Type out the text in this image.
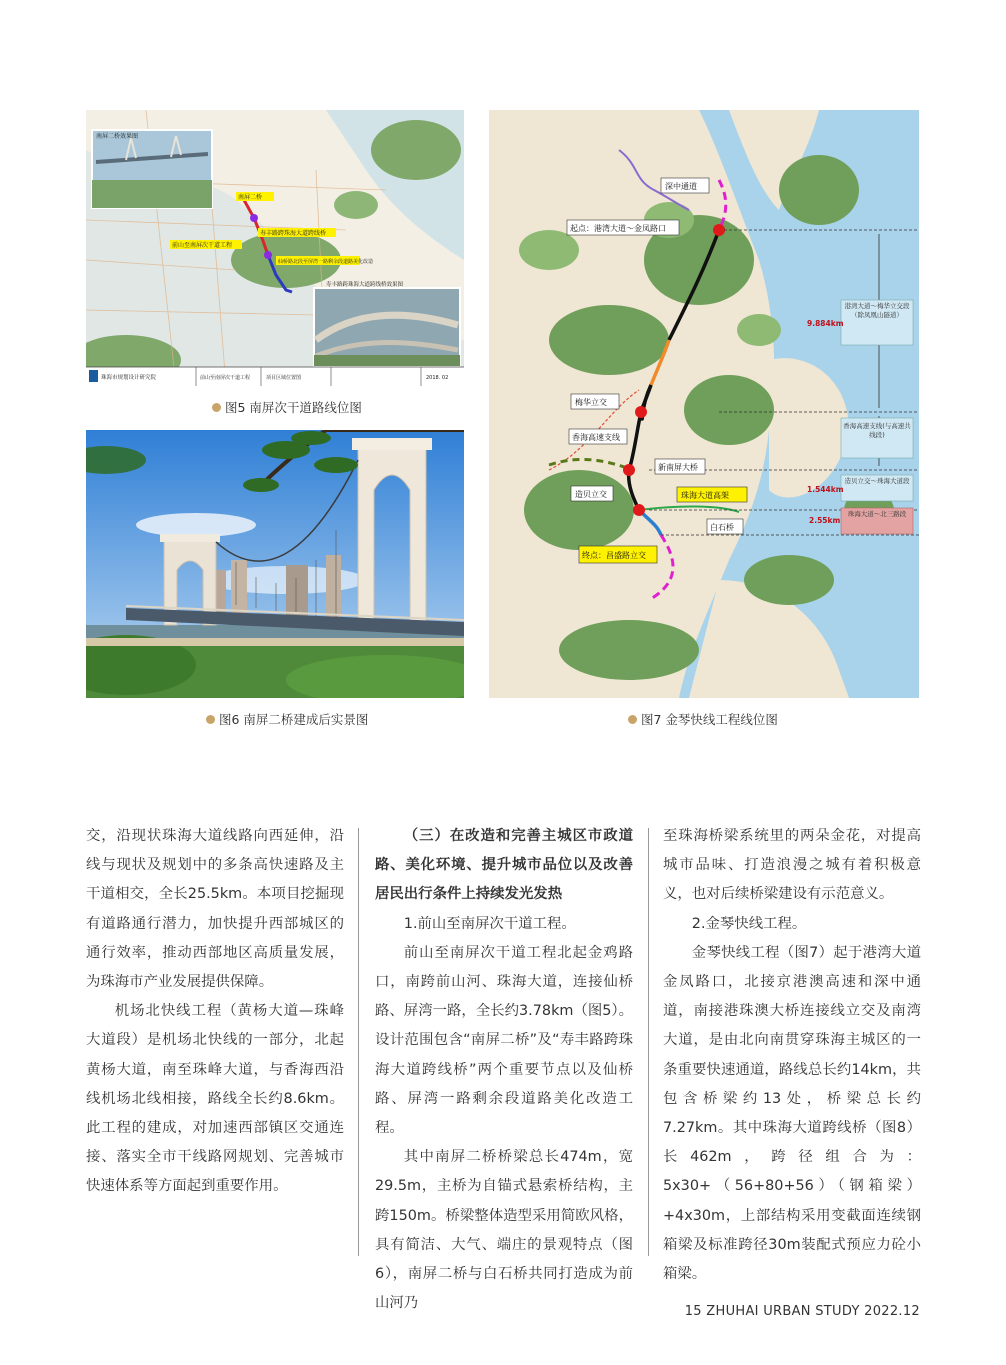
南屏二桥效果图
南屏二桥
寿丰路跨珠海大道跨线桥
前山至南屏次干道工程
仙桥路北段至屏湾一路剩余段道路美化改造
寿丰路跨珠海大道跨线桥效果图
珠海市规划设计研究院	前山至南屏次干道工程	项目区域位置图	2018. 02
图5 南屏次干道路线位图
图6 南屏二桥建成后实景图
深中通道
起点：港湾大道～金凤路口
梅华立交
香海高速支线
新南屏大桥
造贝立交	珠海大道高架
白石桥
终点：昌盛路立交
9.884km
1.544km
2.55km
港湾大道～梅华立交段（除凤凰山隧道）
香海高速支线(与高速共线段)
造贝立交～珠海大道段
珠海大道～北三路段
图7 金琴快线工程线位图

交，沿现状珠海大道线路向西延伸，沿线与现状及规划中的多条高快速路及主干道相交，全长25.5km。本项目挖掘现有道路通行潜力，加快提升西部城区的通行效率，推动西部地区高质量发展，为珠海市产业发展提供保障。

机场北快线工程（黄杨大道—珠峰大道段）是机场北快线的一部分，北起黄杨大道，南至珠峰大道，与香海西沿线机场北线相接，路线全长约8.6km。此工程的建成，对加速西部镇区交通连接、落实全市干线路网规划、完善城市快速体系等方面起到重要作用。

（三）在改造和完善主城区市政道路、美化环境、提升城市品位以及改善居民出行条件上持续发光发热

1.前山至南屏次干道工程。

前山至南屏次干道工程北起金鸡路口，南跨前山河、珠海大道，连接仙桥路、屏湾一路，全长约3.78km（图5）。设计范围包含“南屏二桥”及“寿丰路跨珠海大道跨线桥”两个重要节点以及仙桥路、屏湾一路剩余段道路美化改造工程。

其中南屏二桥桥梁总长474m，宽29.5m，主桥为自锚式悬索桥结构，主跨150m。桥梁整体造型采用简欧风格，具有简洁、大气、端庄的景观特点（图6），南屏二桥与白石桥共同打造成为前山河乃

至珠海桥梁系统里的两朵金花，对提高城市品味、打造浪漫之城有着积极意义，也对后续桥梁建设有示范意义。

2.金琴快线工程。

金琴快线工程（图7）起于港湾大道金凤路口，北接京港澳高速和深中通道，南接港珠澳大桥连接线立交及南湾大道，是由北向南贯穿珠海主城区的一条重要快速通道，路线总长约14km，共包含桥梁约13处，桥梁总长约7.27km。其中珠海大道跨线桥（图8）长462m，跨径组合为：5x30+（56+80+56）（钢箱梁）+4x30m，上部结构采用变截面连续钢箱梁及标准跨径30m装配式预应力砼小箱梁。

15 ZHUHAI URBAN STUDY 2022.12
